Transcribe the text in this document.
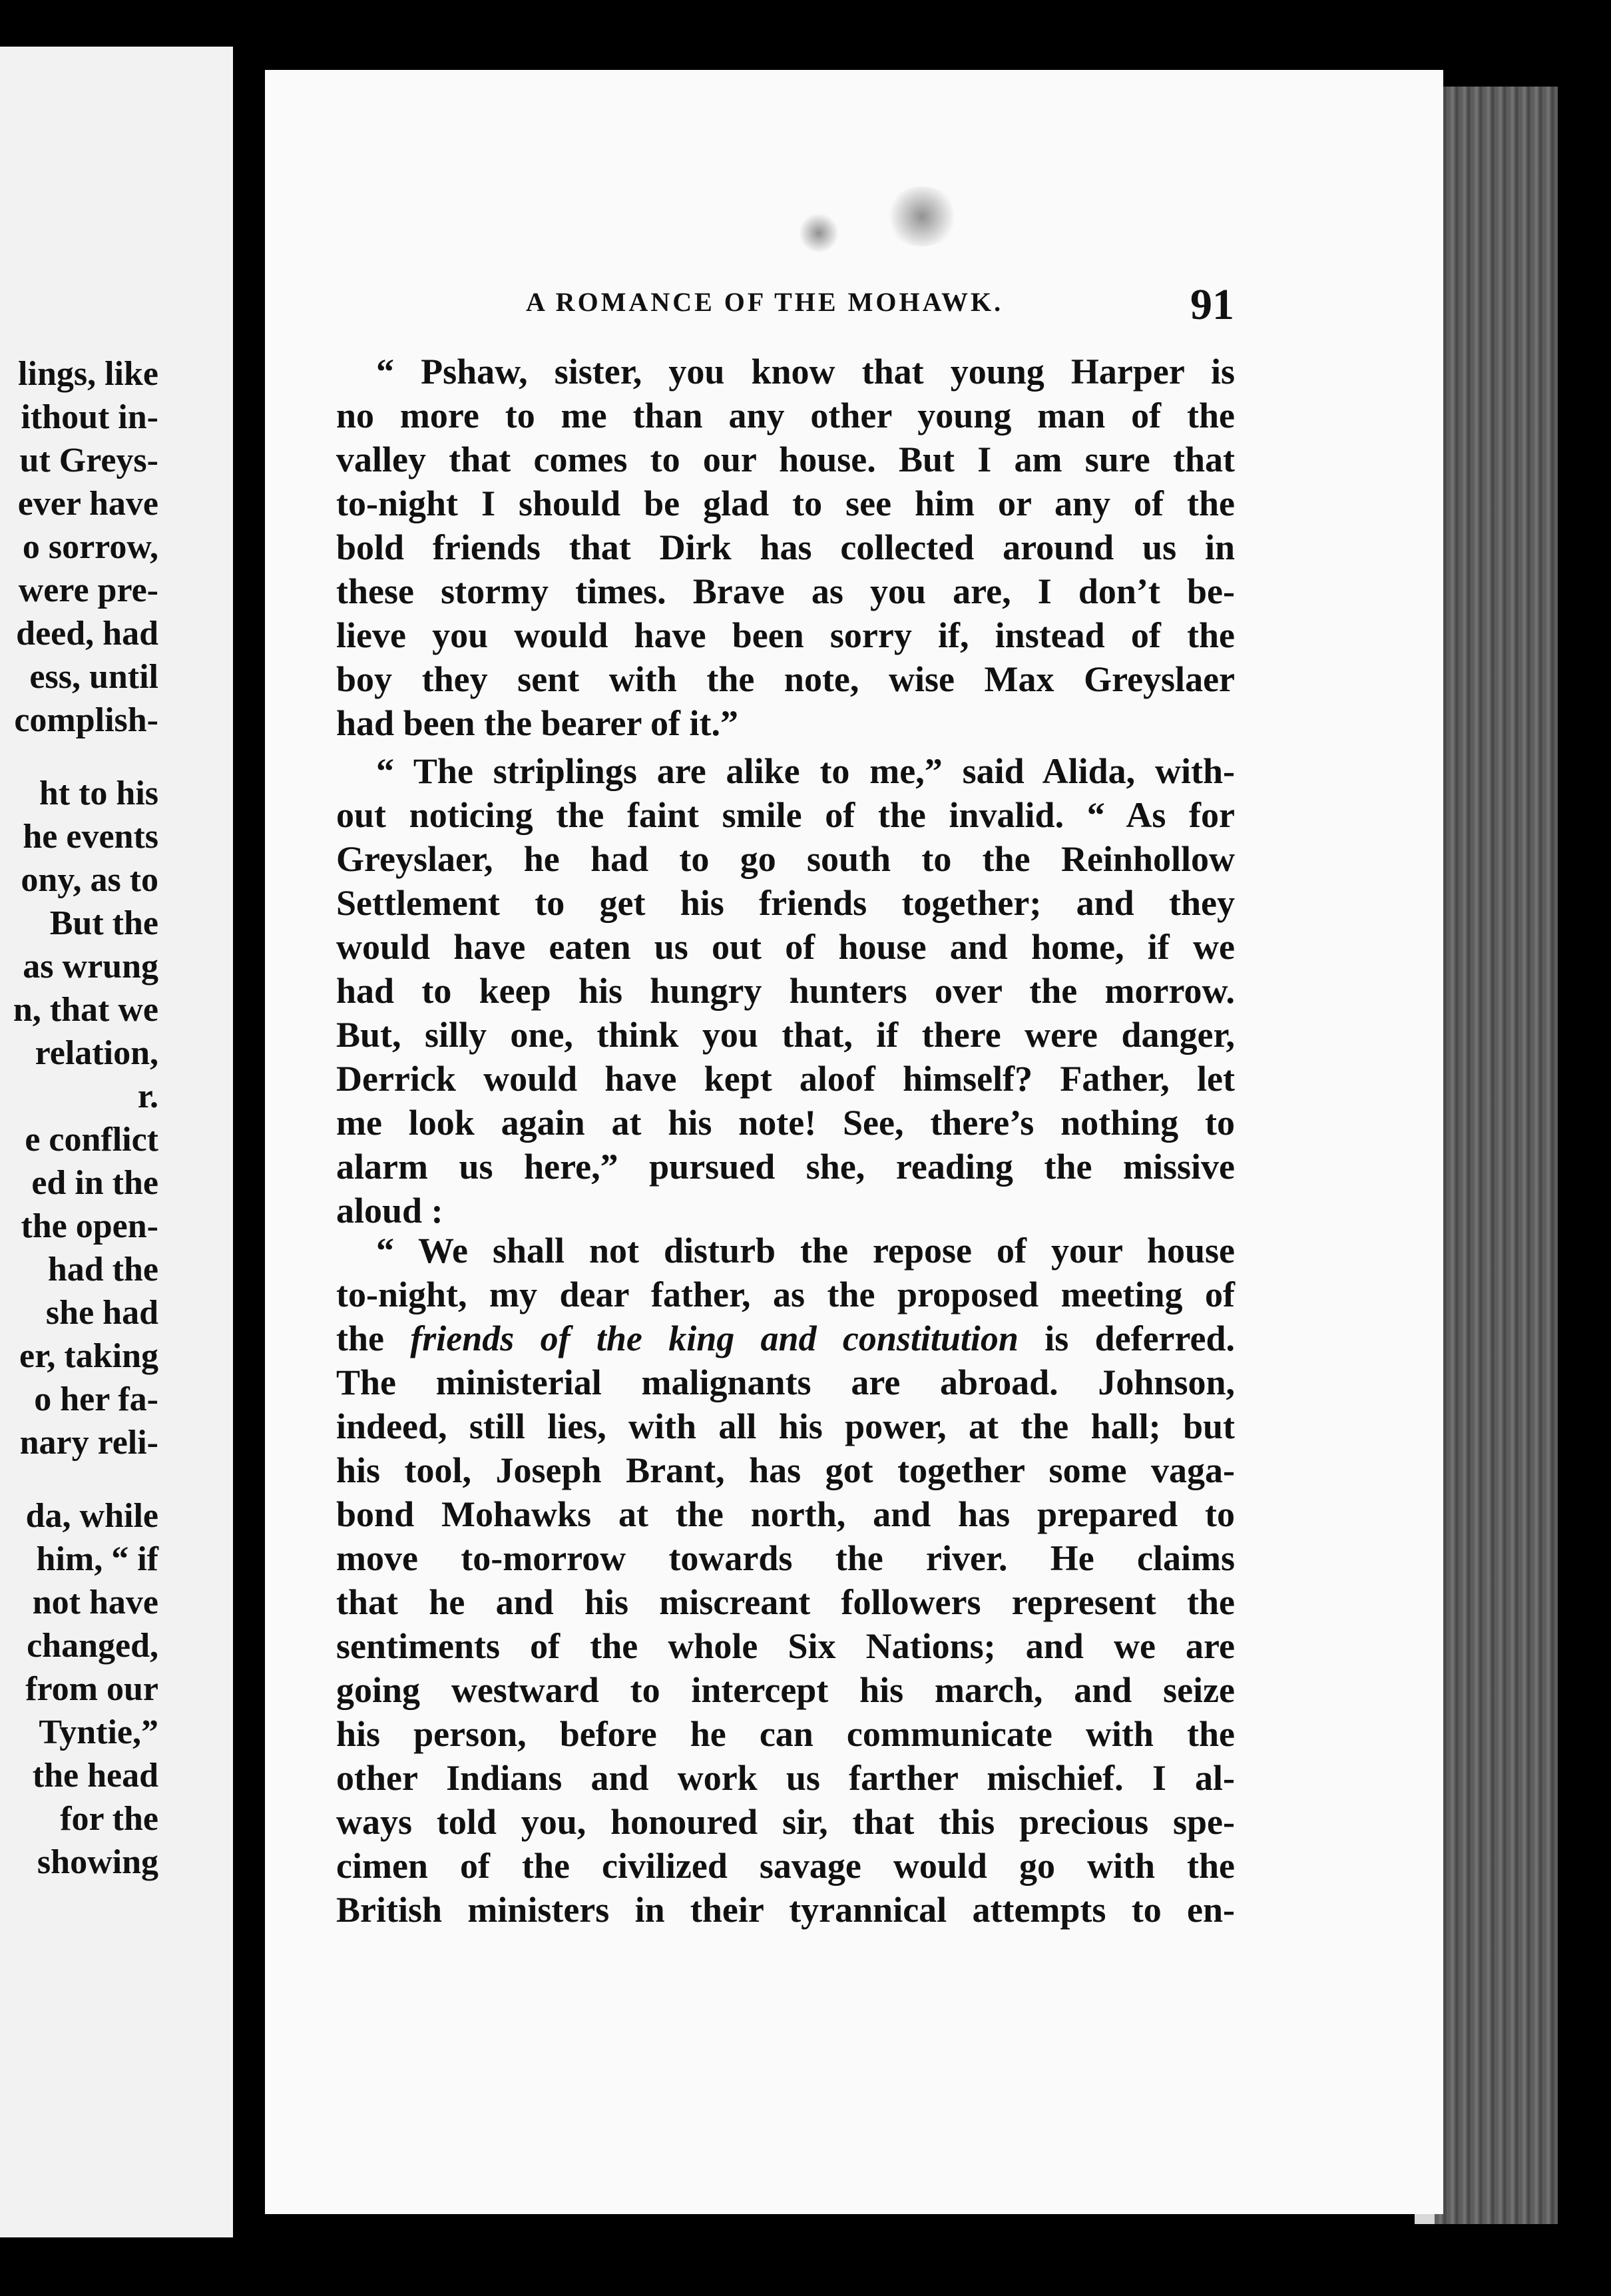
lings, like
ithout in-
ut Greys-
ever have
o sorrow,
were pre-
deed, had
ess, until
complish-
ht to his
he events
ony, as to
But the
as wrung
n, that we
relation,
r.
e conflict
ed in the
the open-
had the
she had
er, taking
o her fa-
nary reli-
da, while
him, “ if
not have
changed,
from our
Tyntie,”
the head
for the
showing
A ROMANCE OF THE MOHAWK.	91
“ Pshaw, sister, you know that young Harper is
no more to me than any other young man of the
valley that comes to our house. But I am sure that
to-night I should be glad to see him or any of the
bold friends that Dirk has collected around us in
these stormy times. Brave as you are, I don’t be-
lieve you would have been sorry if, instead of the
boy they sent with the note, wise Max Greyslaer
had been the bearer of it.”
“ The striplings are alike to me,” said Alida, with-
out noticing the faint smile of the invalid. “ As for
Greyslaer, he had to go south to the Reinhollow
Settlement to get his friends together; and they
would have eaten us out of house and home, if we
had to keep his hungry hunters over the morrow.
But, silly one, think you that, if there were danger,
Derrick would have kept aloof himself? Father, let
me look again at his note! See, there’s nothing to
alarm us here,” pursued she, reading the missive
aloud :
“ We shall not disturb the repose of your house
to-night, my dear father, as the proposed meeting of
the friends of the king and constitution is deferred.
The ministerial malignants are abroad. Johnson,
indeed, still lies, with all his power, at the hall; but
his tool, Joseph Brant, has got together some vaga-
bond Mohawks at the north, and has prepared to
move to-morrow towards the river. He claims
that he and his miscreant followers represent the
sentiments of the whole Six Nations; and we are
going westward to intercept his march, and seize
his person, before he can communicate with the
other Indians and work us farther mischief. I al-
ways told you, honoured sir, that this precious spe-
cimen of the civilized savage would go with the
British ministers in their tyrannical attempts to en-
